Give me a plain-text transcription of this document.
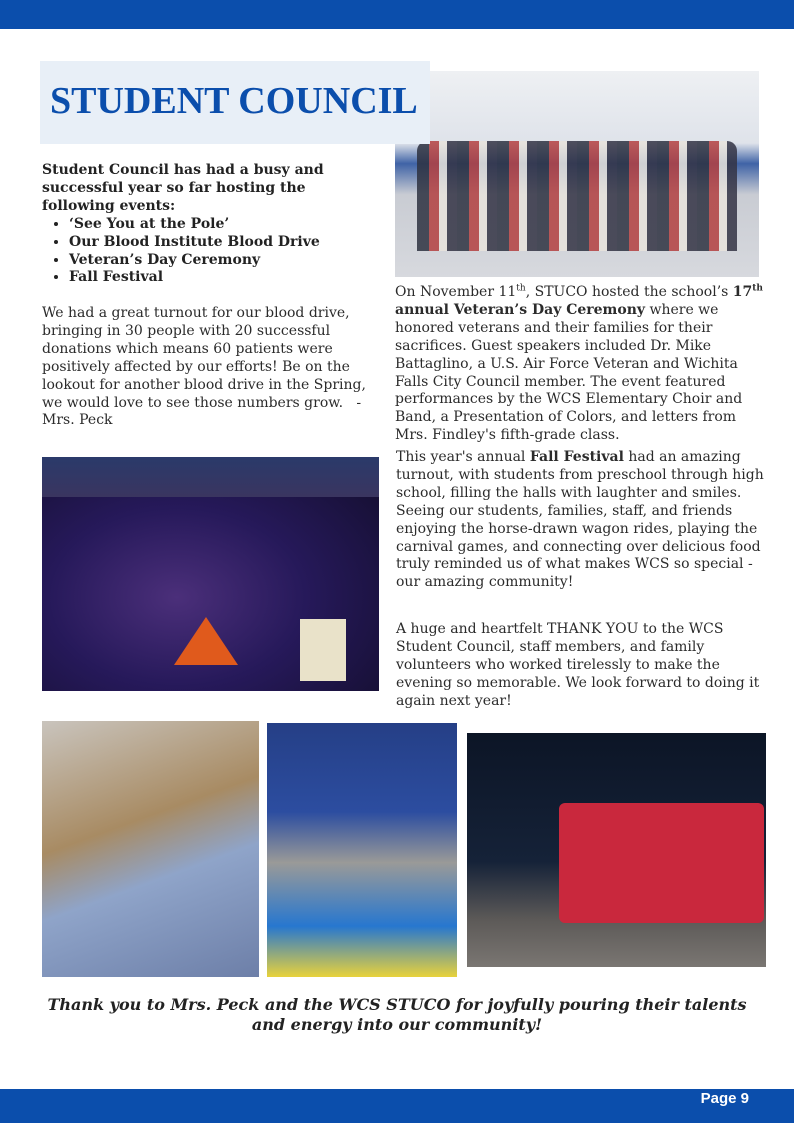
STUDENT COUNCIL
Student Council has had a busy and successful year so far hosting the following events:
• ‘See You at the Pole’
• Our Blood Institute Blood Drive
• Veteran’s Day Ceremony
• Fall Festival
We had a great turnout for our blood drive, bringing in 30 people with 20 successful donations which means 60 patients were positively affected by our efforts! Be on the lookout for another blood drive in the Spring, we would love to see those numbers grow.   -Mrs. Peck
On November 11th, STUCO hosted the school’s 17th annual Veteran’s Day Ceremony where we honored veterans and their families for their sacrifices. Guest speakers included Dr. Mike Battaglino, a U.S. Air Force Veteran and Wichita Falls City Council member. The event featured performances by the WCS Elementary Choir and Band, a Presentation of Colors, and letters from Mrs. Findley's fifth-grade class.
This year's annual Fall Festival had an amazing turnout, with students from preschool through high school, filling the halls with laughter and smiles. Seeing our students, families, staff, and friends enjoying the horse-drawn wagon rides, playing the carnival games, and connecting over delicious food truly reminded us of what makes WCS so special - our amazing community!
A huge and heartfelt THANK YOU to the WCS Student Council, staff members, and family volunteers who worked tirelessly to make the evening so memorable. We look forward to doing it again next year!
Thank you to Mrs. Peck and the WCS STUCO for joyfully pouring their talents and energy into our community!
Page 9
